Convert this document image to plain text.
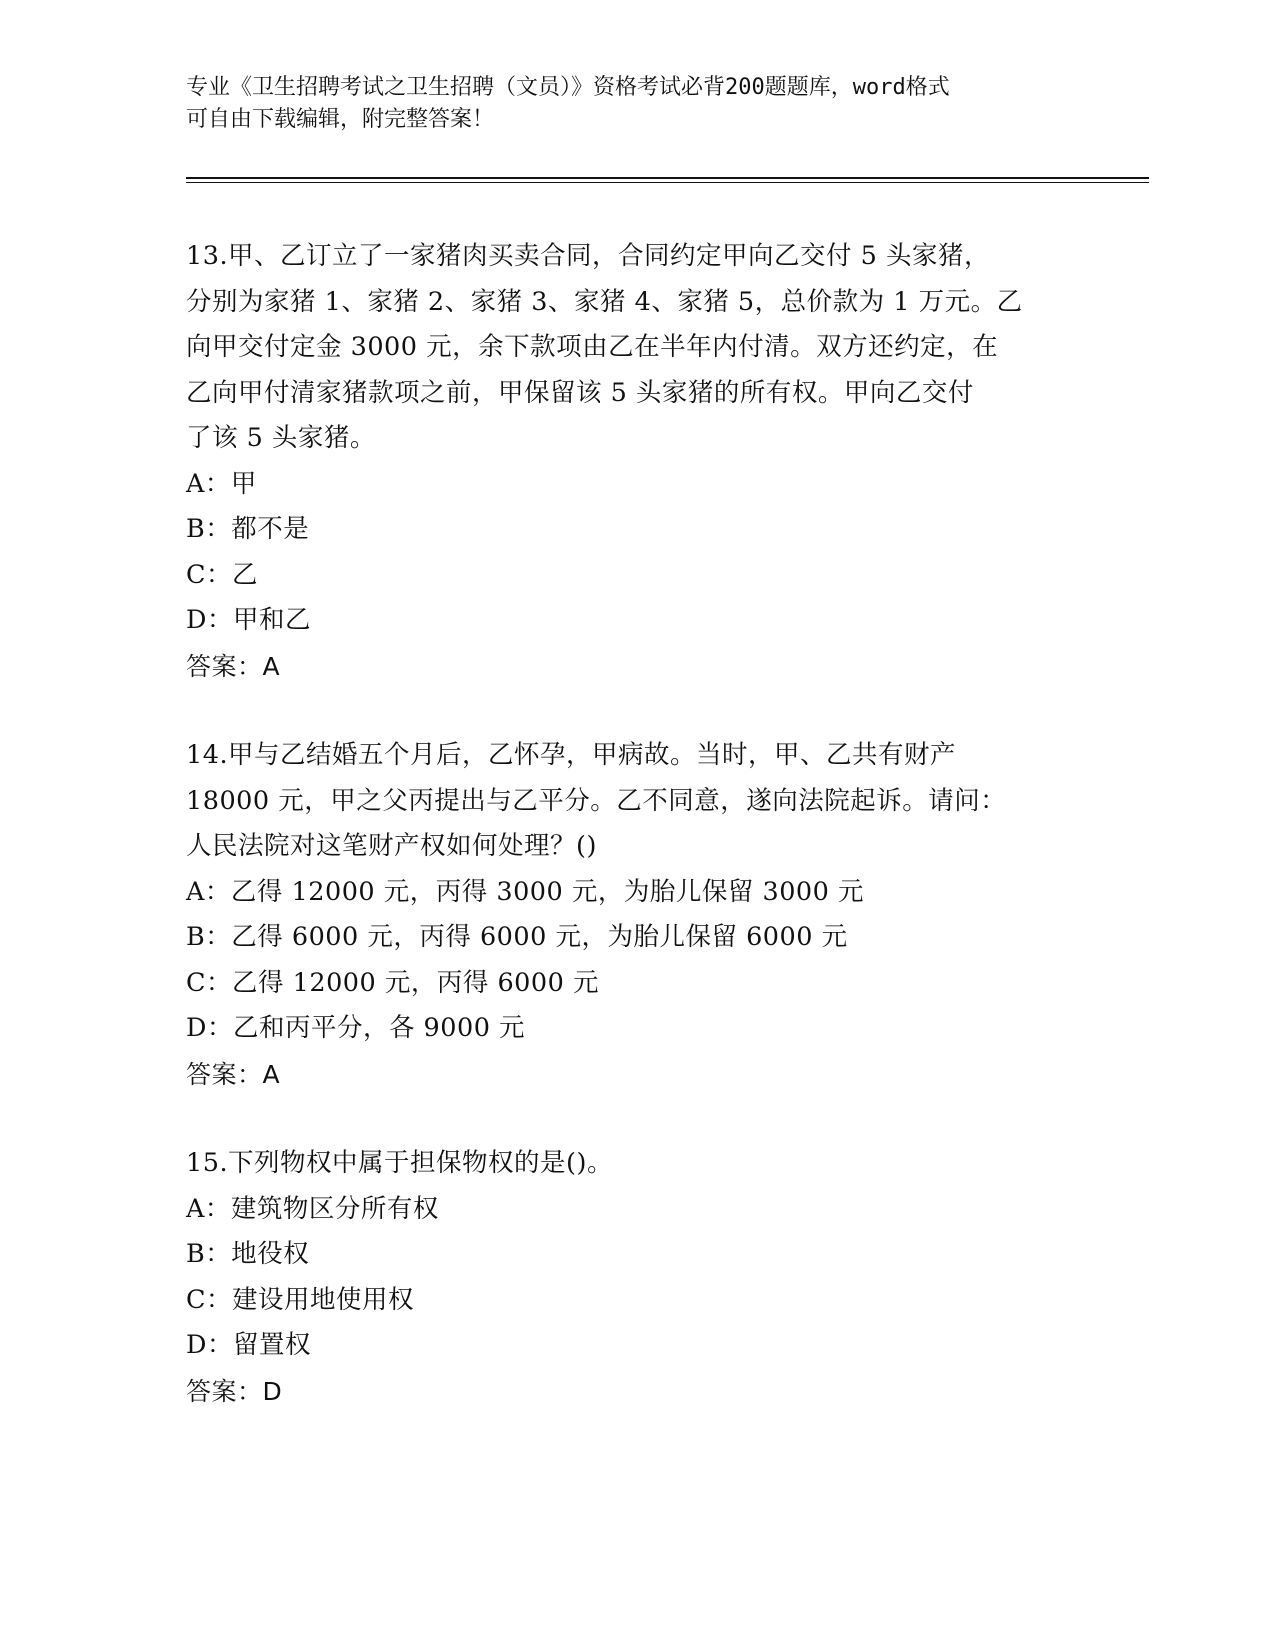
专业《卫生招聘考试之卫生招聘（文员）》资格考试必背200题题库，word格式
可自由下载编辑，附完整答案！
13.甲、乙订立了一家猪肉买卖合同，合同约定甲向乙交付 5 头家猪，
分别为家猪 1、家猪 2、家猪 3、家猪 4、家猪 5，总价款为 1 万元。乙
向甲交付定金 3000 元，余下款项由乙在半年内付清。双方还约定，在
乙向甲付清家猪款项之前，甲保留该 5 头家猪的所有权。甲向乙交付
了该 5 头家猪。
A：甲
B：都不是
C：乙
D：甲和乙
答案：A
14.甲与乙结婚五个月后，乙怀孕，甲病故。当时，甲、乙共有财产
18000 元，甲之父丙提出与乙平分。乙不同意，遂向法院起诉。请问：
人民法院对这笔财产权如何处理？()
A：乙得 12000 元，丙得 3000 元，为胎儿保留 3000 元
B：乙得 6000 元，丙得 6000 元，为胎儿保留 6000 元
C：乙得 12000 元，丙得 6000 元
D：乙和丙平分，各 9000 元
答案：A
15.下列物权中属于担保物权的是()。
A：建筑物区分所有权
B：地役权
C：建设用地使用权
D：留置权
答案：D
